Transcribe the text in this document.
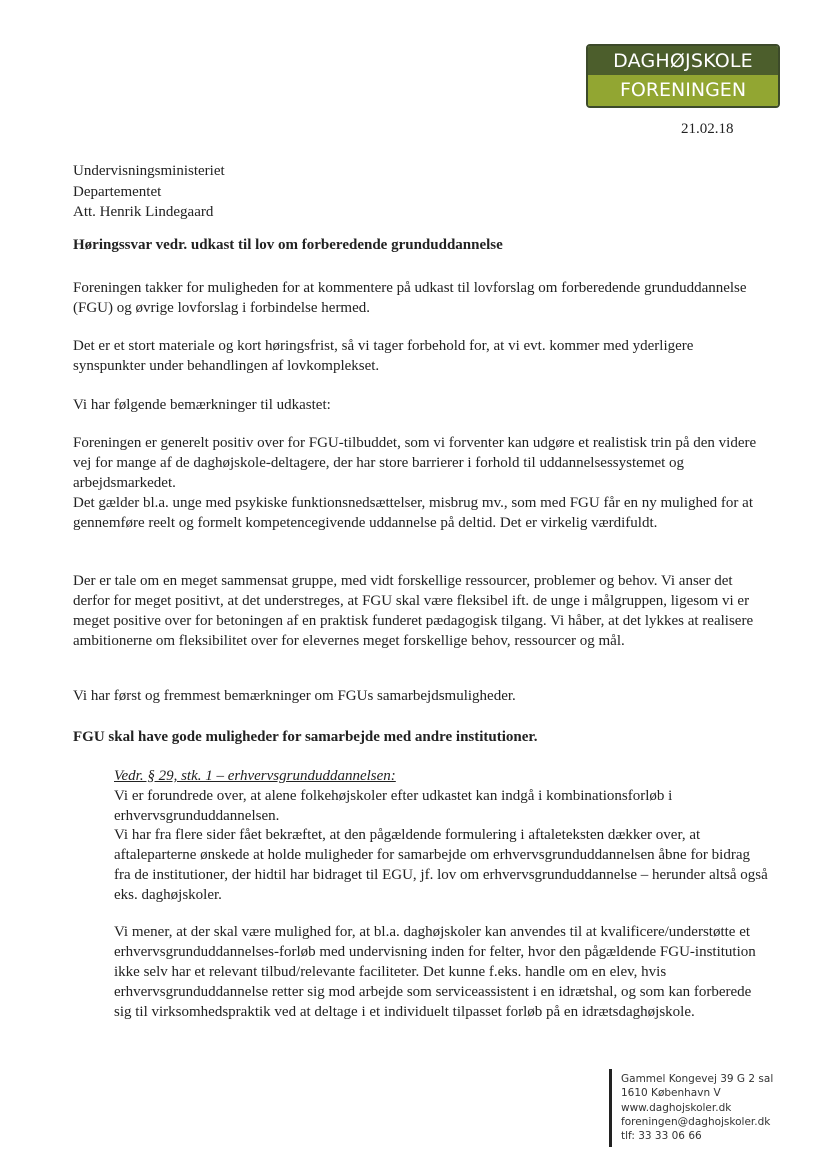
DAGHØJSKOLE
FORENINGEN
21.02.18
Undervisningsministeriet
Departementet
Att. Henrik Lindegaard

Høringssvar vedr. udkast til lov om forberedende grunduddannelse

Foreningen takker for muligheden for at kommentere på udkast til lovforslag om forberedende grunduddannelse (FGU) og øvrige lovforslag i forbindelse hermed.

Det er et stort materiale og kort høringsfrist, så vi tager forbehold for, at vi evt. kommer med yderligere synspunkter under behandlingen af lovkomplekset.

Vi har følgende bemærkninger til udkastet:

Foreningen er generelt positiv over for FGU-tilbuddet, som vi forventer kan udgøre et realistisk trin på den videre vej for mange af de daghøjskole-deltagere, der har store barrierer i forhold til uddannelsessystemet og arbejdsmarkedet.

Det gælder bl.a. unge med psykiske funktionsnedsættelser, misbrug mv., som med FGU får en ny mulighed for at gennemføre reelt og formelt kompetencegivende uddannelse på deltid. Det er virkelig værdifuldt.

Der er tale om en meget sammensat gruppe, med vidt forskellige ressourcer, problemer og behov. Vi anser det derfor for meget positivt, at det understreges, at FGU skal være fleksibel ift. de unge i målgruppen, ligesom vi er meget positive over for betoningen af en praktisk funderet pædagogisk tilgang. Vi håber, at det lykkes at realisere ambitionerne om fleksibilitet over for elevernes meget forskellige behov, ressourcer og mål.

Vi har først og fremmest bemærkninger om FGUs samarbejdsmuligheder.

FGU skal have gode muligheder for samarbejde med andre institutioner.

Vedr. § 29, stk. 1 – erhvervsgrunduddannelsen:

Vi er forundrede over, at alene folkehøjskoler efter udkastet kan indgå i kombinationsforløb i erhvervsgrunduddannelsen.

Vi har fra flere sider fået bekræftet, at den pågældende formulering i aftaleteksten dækker over, at aftaleparterne ønskede at holde muligheder for samarbejde om erhvervsgrunduddannelsen åbne for bidrag fra de institutioner, der hidtil har bidraget til EGU, jf. lov om erhvervsgrunduddannelse – herunder altså også eks. daghøjskoler.

Vi mener, at der skal være mulighed for, at bl.a. daghøjskoler kan anvendes til at kvalificere/understøtte et erhvervsgrunduddannelses-forløb med undervisning inden for felter, hvor den pågældende FGU-institution ikke selv har et relevant tilbud/relevante faciliteter. Det kunne f.eks. handle om en elev, hvis erhvervsgrunduddannelse retter sig mod arbejde som serviceassistent i en idrætshal, og som kan forberede sig til virksomhedspraktik ved at deltage i et individuelt tilpasset forløb på en idrætsdaghøjskole.

Gammel Kongevej 39 G 2 sal
1610 København V
www.daghojskoler.dk
foreningen@daghojskoler.dk
tlf: 33 33 06 66
